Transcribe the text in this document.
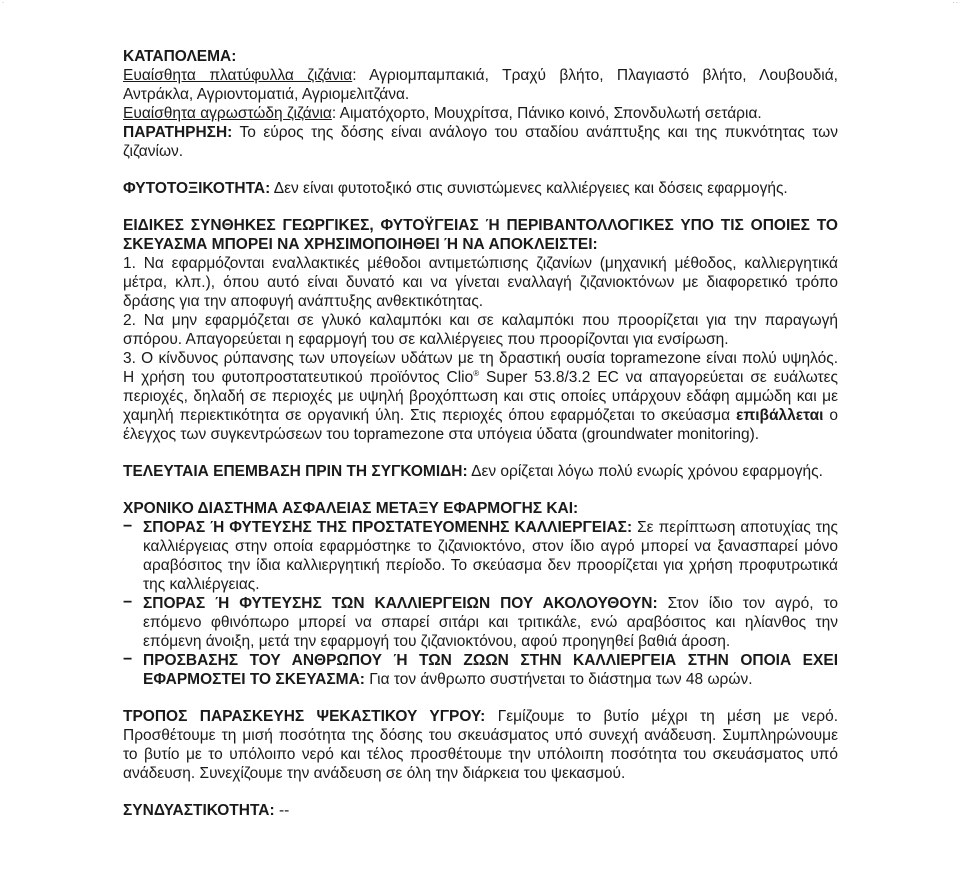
·	· ·

ΚΑΤΑΠΟΛΕΜΑ:

Ευαίσθητα πλατύφυλλα ζιζάνια: Αγριομπαμπακιά, Τραχύ βλήτο, Πλαγιαστό βλήτο, Λουβουδιά, Αντράκλα, Αγριοντοματιά, Αγριομελιτζάνα.

Ευαίσθητα αγρωστώδη ζιζάνια: Αιματόχορτο, Μουχρίτσα, Πάνικο κοινό, Σπονδυλωτή σετάρια.

ΠΑΡΑΤΗΡΗΣΗ: Το εύρος της δόσης είναι ανάλογο του σταδίου ανάπτυξης και της πυκνότητας των ζιζανίων.

ΦΥΤΟΤΟΞΙΚΟΤΗΤΑ: Δεν είναι φυτοτοξικό στις συνιστώμενες καλλιέργειες και δόσεις εφαρμογής.

ΕΙΔΙΚΕΣ ΣΥΝΘΗΚΕΣ ΓΕΩΡΓΙΚΕΣ, ΦΥΤΟΫΓΕΙΑΣ Ή ΠΕΡΙΒΑΝΤΟΛΛΟΓΙΚΕΣ ΥΠΟ ΤΙΣ ΟΠΟΙΕΣ ΤΟ ΣΚΕΥΑΣΜΑ ΜΠΟΡΕΙ ΝΑ ΧΡΗΣΙΜΟΠΟΙΗΘΕΙ Ή ΝΑ ΑΠΟΚΛΕΙΣΤΕΙ:

1. Να εφαρμόζονται εναλλακτικές μέθοδοι αντιμετώπισης ζιζανίων (μηχανική μέθοδος, καλλιεργητικά μέτρα, κλπ.), όπου αυτό είναι δυνατό και να γίνεται εναλλαγή ζιζανιοκτόνων με διαφορετικό τρόπο δράσης για την αποφυγή ανάπτυξης ανθεκτικότητας.

2. Να μην εφαρμόζεται σε γλυκό καλαμπόκι και σε καλαμπόκι που προορίζεται για την παραγωγή σπόρου. Απαγορεύεται η εφαρμογή του σε καλλιέργειες που προορίζονται για ενσίρωση.

3. Ο κίνδυνος ρύπανσης των υπογείων υδάτων με τη δραστική ουσία topramezone είναι πολύ υψηλός. Η χρήση του φυτοπροστατευτικού προϊόντος Clio® Super 53.8/3.2 EC να απαγορεύεται σε ευάλωτες περιοχές, δηλαδή σε περιοχές με υψηλή βροχόπτωση και στις οποίες υπάρχουν εδάφη αμμώδη και με χαμηλή περιεκτικότητα σε οργανική ύλη. Στις περιοχές όπου εφαρμόζεται το σκεύασμα επιβάλλεται ο έλεγχος των συγκεντρώσεων του topramezone στα υπόγεια ύδατα (groundwater monitoring).

ΤΕΛΕΥΤΑΙΑ ΕΠΕΜΒΑΣΗ ΠΡΙΝ ΤΗ ΣΥΓΚΟΜΙΔΗ: Δεν ορίζεται λόγω πολύ ενωρίς χρόνου εφαρμογής.

ΧΡΟΝΙΚΟ ΔΙΑΣΤΗΜΑ ΑΣΦΑΛΕΙΑΣ ΜΕΤΑΞΥ ΕΦΑΡΜΟΓΗΣ ΚΑΙ:

− ΣΠΟΡΑΣ Ή ΦΥΤΕΥΣΗΣ ΤΗΣ ΠΡΟΣΤΑΤΕΥΟΜΕΝΗΣ ΚΑΛΛΙΕΡΓΕΙΑΣ: Σε περίπτωση αποτυχίας της καλλιέργειας στην οποία εφαρμόστηκε το ζιζανιοκτόνο, στον ίδιο αγρό μπορεί να ξανασπαρεί μόνο αραβόσιτος την ίδια καλλιεργητική περίοδο. Το σκεύασμα δεν προορίζεται για χρήση προφυτρωτικά της καλλιέργειας.

− ΣΠΟΡΑΣ Ή ΦΥΤΕΥΣΗΣ ΤΩΝ ΚΑΛΛΙΕΡΓΕΙΩΝ ΠΟΥ ΑΚΟΛΟΥΘΟΥΝ: Στον ίδιο τον αγρό, το επόμενο φθινόπωρο μπορεί να σπαρεί σιτάρι και τριτικάλε, ενώ αραβόσιτος και ηλίανθος την επόμενη άνοιξη, μετά την εφαρμογή του ζιζανιοκτόνου, αφού προηγηθεί βαθιά άροση.

− ΠΡΟΣΒΑΣΗΣ ΤΟΥ ΑΝΘΡΩΠΟΥ Ή ΤΩΝ ΖΩΩΝ ΣΤΗΝ ΚΑΛΛΙΕΡΓΕΙΑ ΣΤΗΝ ΟΠΟΙΑ ΕΧΕΙ ΕΦΑΡΜΟΣΤΕΙ ΤΟ ΣΚΕΥΑΣΜΑ: Για τον άνθρωπο συστήνεται το διάστημα των 48 ωρών.

ΤΡΟΠΟΣ ΠΑΡΑΣΚΕΥΗΣ ΨΕΚΑΣΤΙΚΟΥ ΥΓΡΟΥ: Γεμίζουμε το βυτίο μέχρι τη μέση με νερό. Προσθέτουμε τη μισή ποσότητα της δόσης του σκευάσματος υπό συνεχή ανάδευση. Συμπληρώνουμε το βυτίο με το υπόλοιπο νερό και τέλος προσθέτουμε την υπόλοιπη ποσότητα του σκευάσματος υπό ανάδευση. Συνεχίζουμε την ανάδευση σε όλη την διάρκεια του ψεκασμού.

ΣΥΝΔΥΑΣΤΙΚΟΤΗΤΑ: --
